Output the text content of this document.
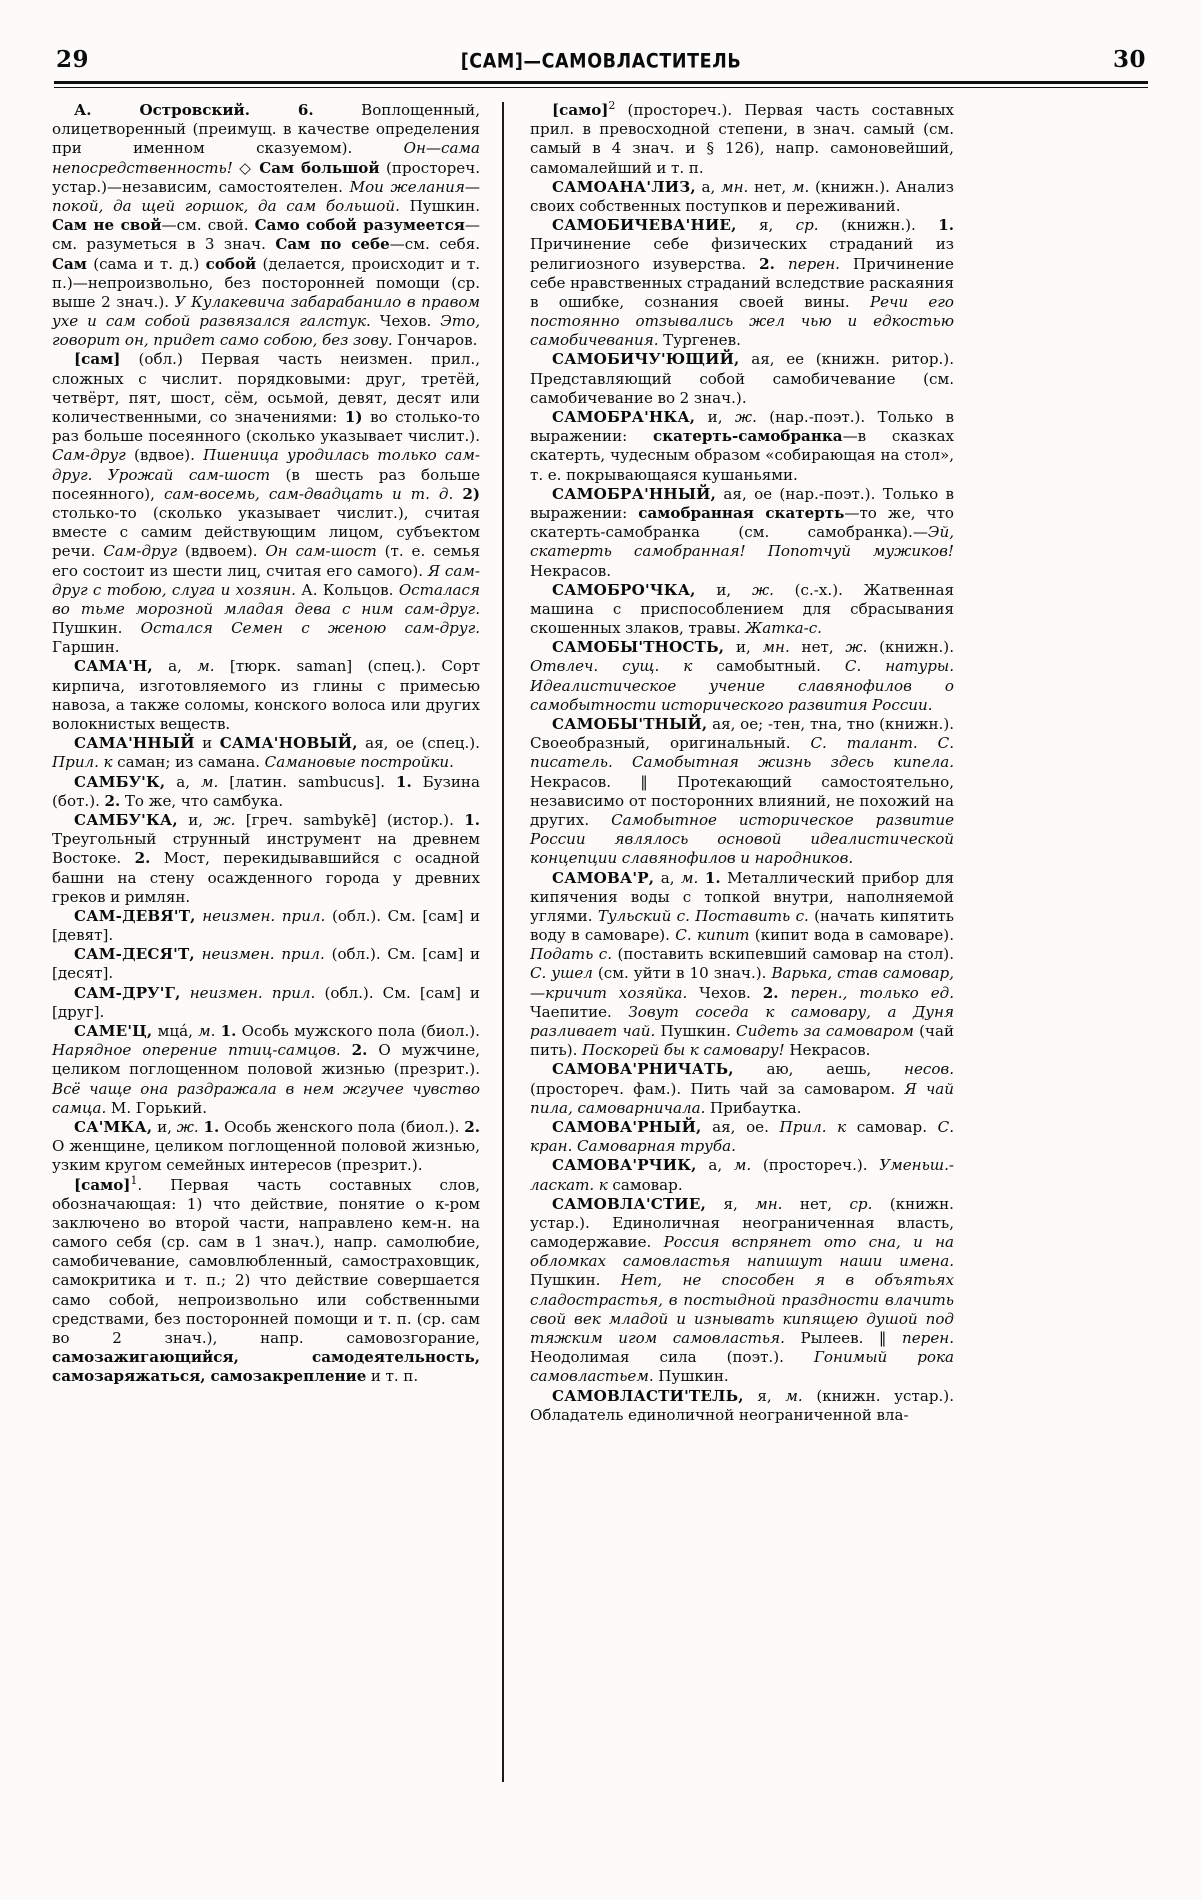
29	[САМ]—САМОВЛАСТИТЕЛЬ	30

А. Островский. 6. Воплощенный, олицетворенный (преимущ. в качестве определения при именном сказуемом). Он—сама непосредственность! ◇ Сам большой (простореч. устар.)—независим, самостоятелен. Мои желания—покой, да щей горшок, да сам большой. Пушкин. Сам не свой—см. свой. Само собой разумеется—см. разуметься в 3 знач. Сам по себе—см. себя. Сам (сама и т. д.) собой (делается, происходит и т. п.)—непроизвольно, без посторонней помощи (ср. выше 2 знач.). У Кулакевича забарабанило в правом ухе и сам собой развязался галстук. Чехов. Это, говорит он, придет само собою, без зову. Гончаров.

[сам] (обл.) Первая часть неизмен. прил., сложных с числит. порядковыми: друг, третёй, четвёрт, пят, шост, сём, осьмой, девят, десят или количественными, со значениями: 1) во столько-то раз больше посеянного (сколько указывает числит.). Сам-друг (вдвое). Пшеница уродилась только сам-друг. Урожай сам-шост (в шесть раз больше посеянного), сам-восемь, сам-двадцать и т. д. 2) столько-то (сколько указывает числит.), считая вместе с самим действующим лицом, субъектом речи. Сам-друг (вдвоем). Он сам-шост (т. е. семья его состоит из шести лиц, считая его самого). Я сам-друг с тобою, слуга и хозяин. А. Кольцов. Осталася во тьме морозной младая дева с ним сам-друг. Пушкин. Остался Семен с женою сам-друг. Гаршин.

САМА'Н, а, м. [тюрк. saman] (спец.). Сорт кирпича, изготовляемого из глины с примесью навоза, а также соломы, конского волоса или других волокнистых веществ.

САМА'ННЫЙ и САМА'НОВЫЙ, ая, ое (спец.). Прил. к саман; из самана. Самановые постройки.

САМБУ'К, а, м. [латин. sambucus]. 1. Бузина (бот.). 2. То же, что самбука.

САМБУ'КА, и, ж. [греч. sambykē] (истор.). 1. Треугольный струнный инструмент на древнем Востоке. 2. Мост, перекидывавшийся с осадной башни на стену осажденного города у древних греков и римлян.

САМ-ДЕВЯ'Т, неизмен. прил. (обл.). См. [сам] и [девят].

САМ-ДЕСЯ'Т, неизмен. прил. (обл.). См. [сам] и [десят].

САМ-ДРУ'Г, неизмен. прил. (обл.). См. [сам] и [друг].

САМЕ'Ц, мца́, м. 1. Особь мужского пола (биол.). Нарядное оперение птиц-самцов. 2. О мужчине, целиком поглощенном половой жизнью (презрит.). Всё чаще она раздражала в нем жгучее чувство самца. М. Горький.

СА'МКА, и, ж. 1. Особь женского пола (биол.). 2. О женщине, целиком поглощенной половой жизнью, узким кругом семейных интересов (презрит.).

[само]$^1$. Первая часть составных слов, обозначающая: 1) что действие, понятие о к-ром заключено во второй части, направлено кем-н. на самого себя (ср. сам в 1 знач.), напр. самолюбие, самобичевание, самовлюбленный, самостраховщик, самокритика и т. п.; 2) что действие совершается само собой, непроизвольно или собственными средствами, без посторонней помощи и т. п. (ср. сам во 2 знач.), напр. самовозгорание, самозажигающийся, самодеятельность, самозаряжаться, самозакрепление и т. п.

[само]$^2$ (простореч.). Первая часть составных прил. в превосходной степени, в знач. самый (см. самый в 4 знач. и § 126), напр. самоновейший, самомалейший и т. п.

САМОАНА'ЛИЗ, а, мн. нет, м. (книжн.). Анализ своих собственных поступков и переживаний.

САМОБИЧЕВА'НИЕ, я, ср. (книжн.). 1. Причинение себе физических страданий из религиозного изуверства. 2. перен. Причинение себе нравственных страданий вследствие раскаяния в ошибке, сознания своей вины. Речи его постоянно отзывались жел чью и едкостью самобичевания. Тургенев.

САМОБИЧУ'ЮЩИЙ, ая, ее (книжн. ритор.). Представляющий собой самобичевание (см. самобичевание во 2 знач.).

САМОБРА'НКА, и, ж. (нар.-поэт.). Только в выражении: скатерть-самобранка—в сказках скатерть, чудесным образом «собирающая на стол», т. е. покрывающаяся кушаньями.

САМОБРА'ННЫЙ, ая, ое (нар.-поэт.). Только в выражении: самобранная скатерть—то же, что скатерть-самобранка (см. самобранка).—Эй, скатерть самобранная! Попотчуй мужиков! Некрасов.

САМОБРО'ЧКА, и, ж. (с.-х.). Жатвенная машина с приспособлением для сбрасывания скошенных злаков, травы. Жатка-с.

САМОБЫ'ТНОСТЬ, и, мн. нет, ж. (книжн.). Отвлеч. сущ. к самобытный. С. натуры. Идеалистическое учение славянофилов о самобытности исторического развития России.

САМОБЫ'ТНЫЙ, ая, ое; -тен, тна, тно (книжн.). Своеобразный, оригинальный. С. талант. С. писатель. Самобытная жизнь здесь кипела. Некрасов. ‖ Протекающий самостоятельно, независимо от посторонних влияний, не похожий на других. Самобытное историческое развитие России являлось основой идеалистической концепции славянофилов и народников.

САМОВА'Р, а, м. 1. Металлический прибор для кипячения воды с топкой внутри, наполняемой углями. Тульский с. Поставить с. (начать кипятить воду в самоваре). С. кипит (кипит вода в самоваре). Подать с. (поставить вскипевший самовар на стол). С. ушел (см. уйти в 10 знач.). Варька, став самовар,—кричит хозяйка. Чехов. 2. перен., только ед. Чаепитие. Зовут соседа к самовару, а Дуня разливает чай. Пушкин. Сидеть за самоваром (чай пить). Поскорей бы к самовару! Некрасов.

САМОВА'РНИЧАТЬ, аю, аешь, несов. (простореч. фам.). Пить чай за самоваром. Я чай пила, самоварничала. Прибаутка.

САМОВА'РНЫЙ, ая, ое. Прил. к самовар. С. кран. Самоварная труба.

САМОВА'РЧИК, а, м. (простореч.). Уменьш.-ласкат. к самовар.

САМОВЛА'СТИЕ, я, мн. нет, ср. (книжн. устар.). Единоличная неограниченная власть, самодержавие. Россия вспрянет ото сна, и на обломках самовластья напишут наши имена. Пушкин. Нет, не способен я в объятьях сладострастья, в постыдной праздности влачить свой век младой и изнывать кипящею душой под тяжким игом самовластья. Рылеев. ‖ перен. Неодолимая сила (поэт.). Гонимый рока самовластьем. Пушкин.

САМОВЛАСТИ'ТЕЛЬ, я, м. (книжн. устар.). Обладатель единоличной неограниченной вла-
